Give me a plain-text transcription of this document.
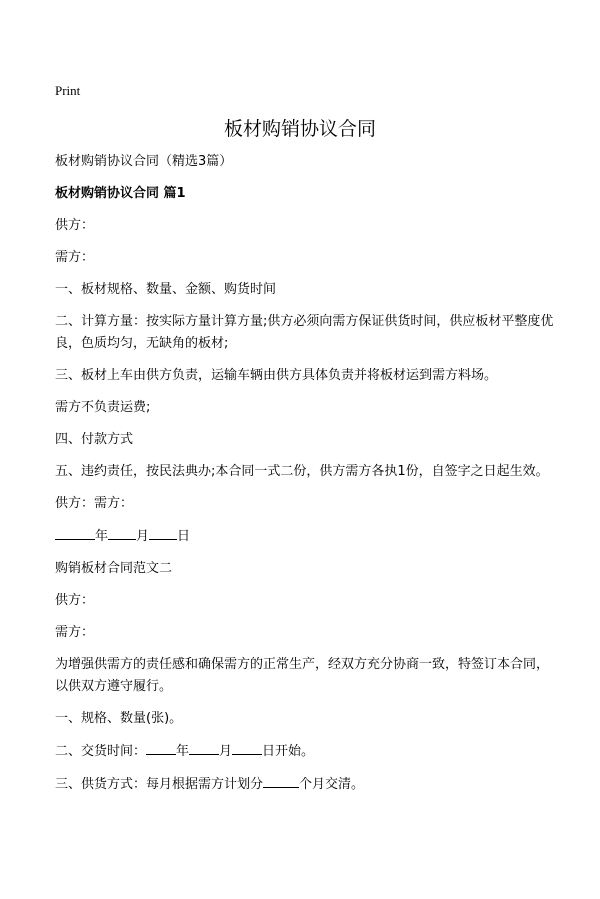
Print
板材购销协议合同

板材购销协议合同（精选3篇）

板材购销协议合同 篇1

供方：

需方：

一、板材规格、数量、金额、购货时间

二、计算方量：按实际方量计算方量;供方必须向需方保证供货时间，供应板材平整度优良，色质均匀，无缺角的板材;

三、板材上车由供方负责，运输车辆由供方具体负责并将板材运到需方料场。

需方不负责运费;

四、付款方式

五、违约责任，按民法典办;本合同一式二份，供方需方各执1份，自签字之日起生效。

供方：需方：

年 月 日

购销板材合同范文二

供方：

需方：

为增强供需方的责任感和确保需方的正常生产，经双方充分协商一致，特签订本合同，以供双方遵守履行。

一、规格、数量(张)。

二、交货时间： 年 月 日开始。

三、供货方式：每月根据需方计划分	个月交清。
